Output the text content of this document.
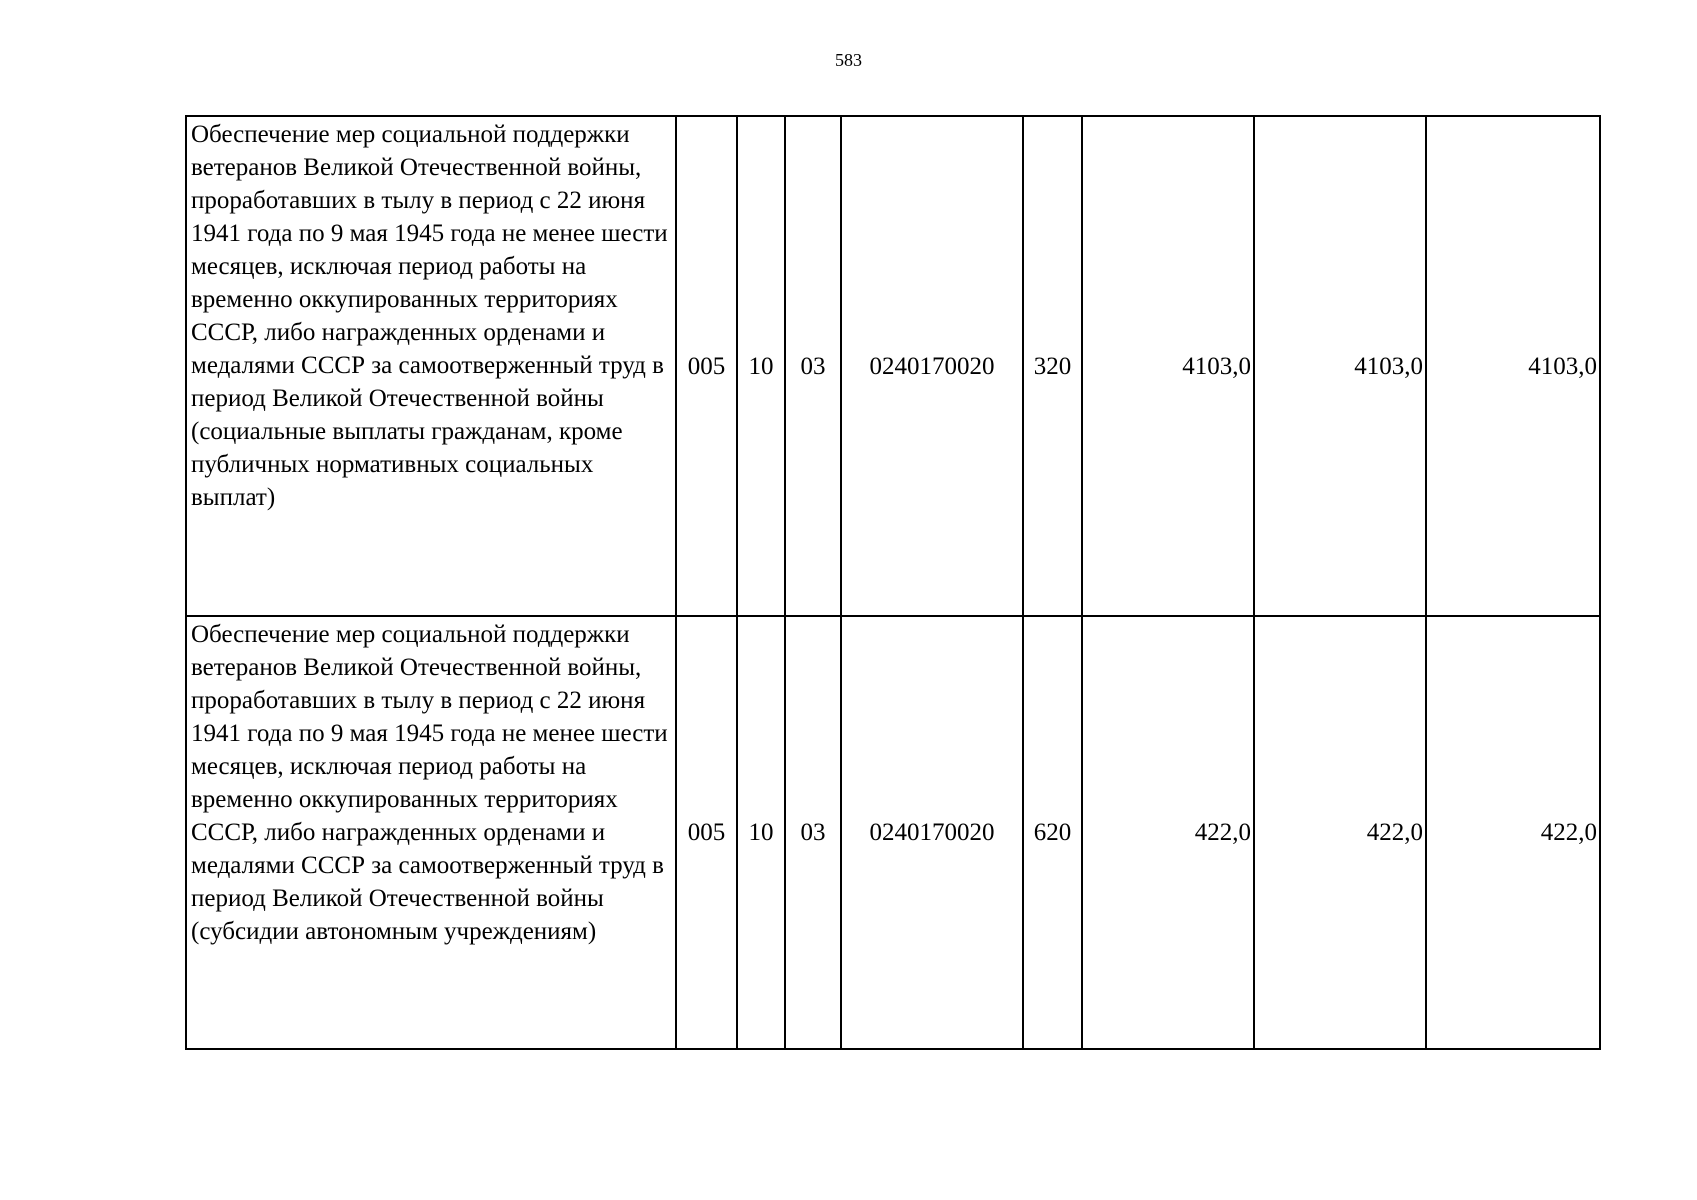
583
Обеспечение мер социальной поддержки ветеранов Великой Отечественной войны, проработавших в тылу в период с 22 июня 1941 года по 9 мая 1945 года не менее шести месяцев, исключая период работы на временно оккупированных территориях СССР, либо награжденных орденами и медалями СССР за самоотверженный труд в период Великой Отечественной войны (социальные выплаты гражданам, кроме публичных нормативных социальных выплат)	005	10	03	0240170020	320	4103,0	4103,0	4103,0
Обеспечение мер социальной поддержки ветеранов Великой Отечественной войны, проработавших в тылу в период с 22 июня 1941 года по 9 мая 1945 года не менее шести месяцев, исключая период работы на временно оккупированных территориях СССР, либо награжденных орденами и медалями СССР за самоотверженный труд в период Великой Отечественной войны (субсидии автономным учреждениям)	005	10	03	0240170020	620	422,0	422,0	422,0
